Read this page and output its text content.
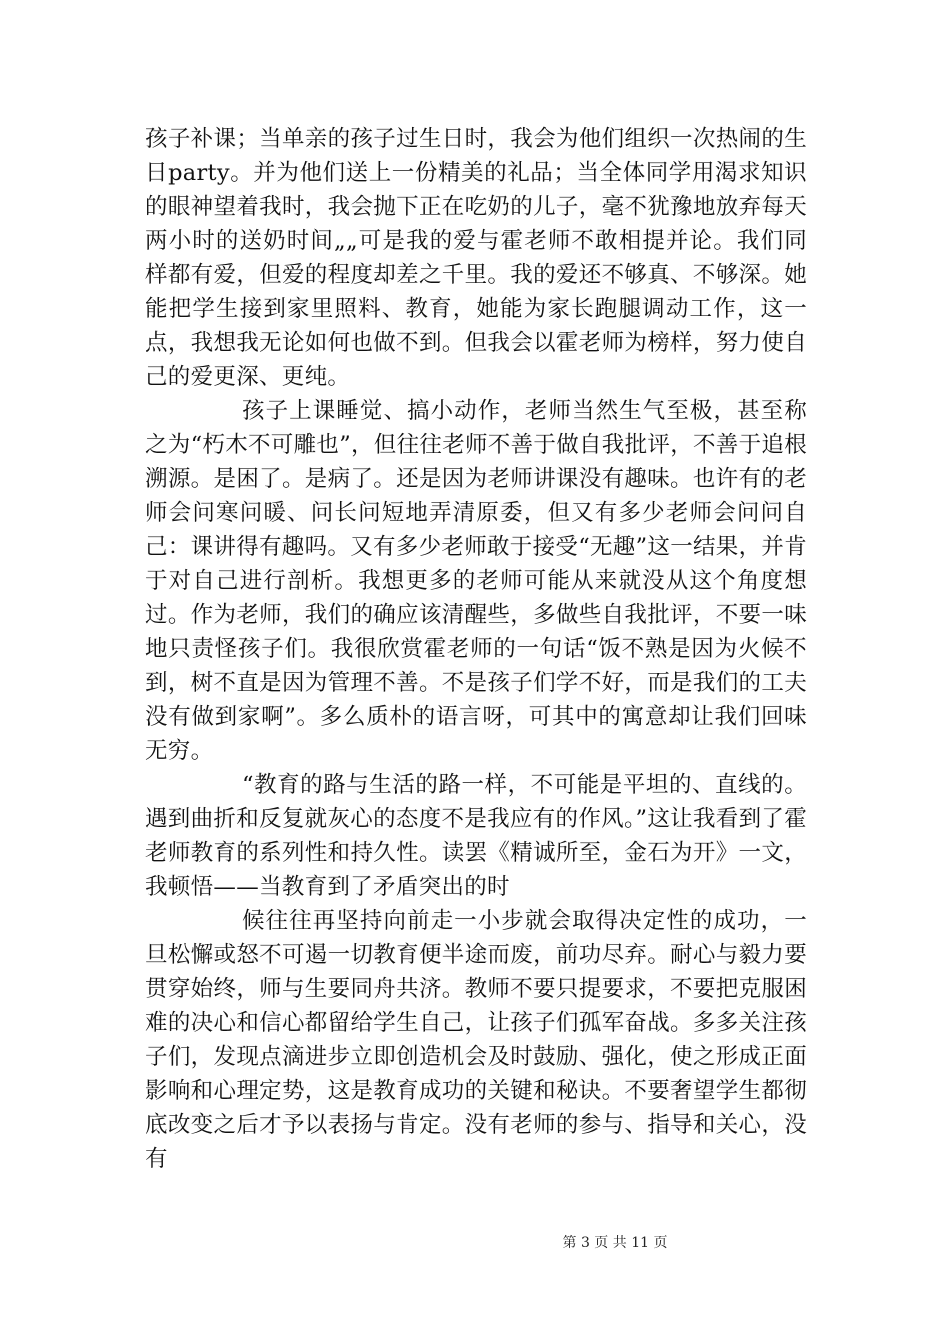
孩子补课；当单亲的孩子过生日时，我会为他们组织一次热闹的生日party。并为他们送上一份精美的礼品；当全体同学用渴求知识的眼神望着我时，我会抛下正在吃奶的儿子，毫不犹豫地放弃每天两小时的送奶时间„„可是我的爱与霍老师不敢相提并论。我们同样都有爱，但爱的程度却差之千里。我的爱还不够真、不够深。她能把学生接到家里照料、教育，她能为家长跑腿调动工作，这一点，我想我无论如何也做不到。但我会以霍老师为榜样，努力使自己的爱更深、更纯。

孩子上课睡觉、搞小动作，老师当然生气至极，甚至称之为“朽木不可雕也”，但往往老师不善于做自我批评，不善于追根溯源。是困了。是病了。还是因为老师讲课没有趣味。也许有的老师会问寒问暖、问长问短地弄清原委，但又有多少老师会问问自己：课讲得有趣吗。又有多少老师敢于接受“无趣”这一结果，并肯于对自己进行剖析。我想更多的老师可能从来就没从这个角度想过。作为老师，我们的确应该清醒些，多做些自我批评，不要一味地只责怪孩子们。我很欣赏霍老师的一句话“饭不熟是因为火候不到，树不直是因为管理不善。不是孩子们学不好，而是我们的工夫没有做到家啊”。多么质朴的语言呀，可其中的寓意却让我们回味无穷。

“教育的路与生活的路一样，不可能是平坦的、直线的。遇到曲折和反复就灰心的态度不是我应有的作风。”这让我看到了霍老师教育的系列性和持久性。读罢《精诚所至，金石为开》一文，我顿悟——当教育到了矛盾突出的时

候往往再坚持向前走一小步就会取得决定性的成功，一旦松懈或怒不可遏一切教育便半途而废，前功尽弃。耐心与毅力要贯穿始终，师与生要同舟共济。教师不要只提要求，不要把克服困难的决心和信心都留给学生自己，让孩子们孤军奋战。多多关注孩子们，发现点滴进步立即创造机会及时鼓励、强化，使之形成正面影响和心理定势，这是教育成功的关键和秘诀。不要奢望学生都彻底改变之后才予以表扬与肯定。没有老师的参与、指导和关心，没有

第 3 页 共 11 页
